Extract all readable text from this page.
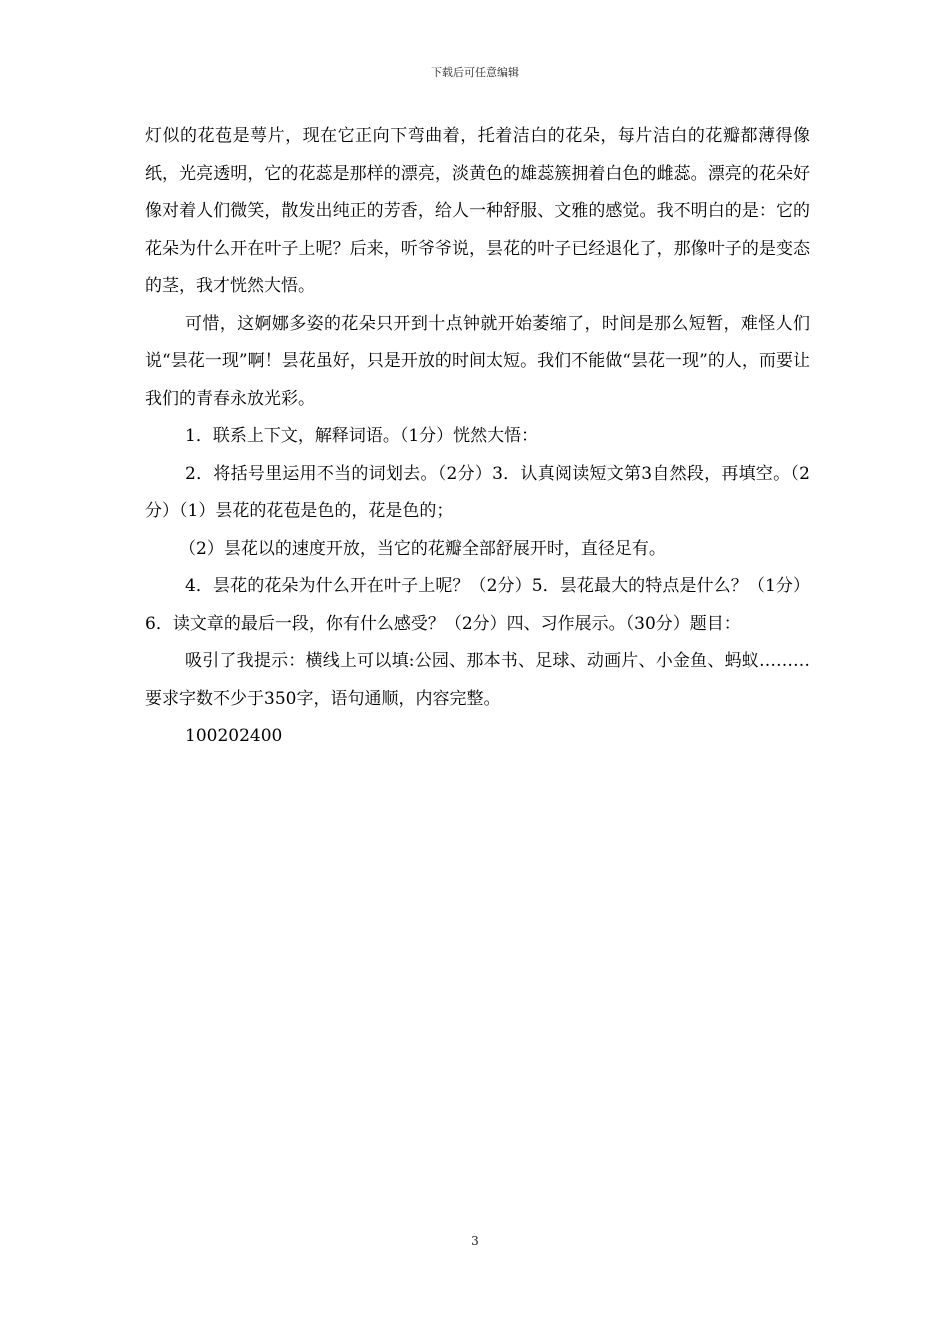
下载后可任意编辑

灯似的花苞是萼片，现在它正向下弯曲着，托着洁白的花朵，每片洁白的花瓣都薄得像纸，光亮透明，它的花蕊是那样的漂亮，淡黄色的雄蕊簇拥着白色的雌蕊。漂亮的花朵好像对着人们微笑，散发出纯正的芳香，给人一种舒服、文雅的感觉。我不明白的是：它的花朵为什么开在叶子上呢？后来，听爷爷说，昙花的叶子已经退化了，那像叶子的是变态的茎，我才恍然大悟。

可惜，这婀娜多姿的花朵只开到十点钟就开始萎缩了，时间是那么短暂，难怪人们说“昙花一现”啊！昙花虽好，只是开放的时间太短。我们不能做“昙花一现”的人，而要让我们的青春永放光彩。

1．联系上下文，解释词语。（1分）恍然大悟：

2．将括号里运用不当的词划去。（2分）3．认真阅读短文第3自然段，再填空。（2分）（1）昙花的花苞是色的，花是色的；

（2）昙花以的速度开放，当它的花瓣全部舒展开时，直径足有。

4．昙花的花朵为什么开在叶子上呢？（2分）5．昙花最大的特点是什么？（1分）6．读文章的最后一段，你有什么感受？（2分）四、习作展示。（30分）题目：

吸引了我提示：横线上可以填:公园、那本书、足球、动画片、小金鱼、蚂蚁………要求字数不少于350字，语句通顺，内容完整。

100202400

3
